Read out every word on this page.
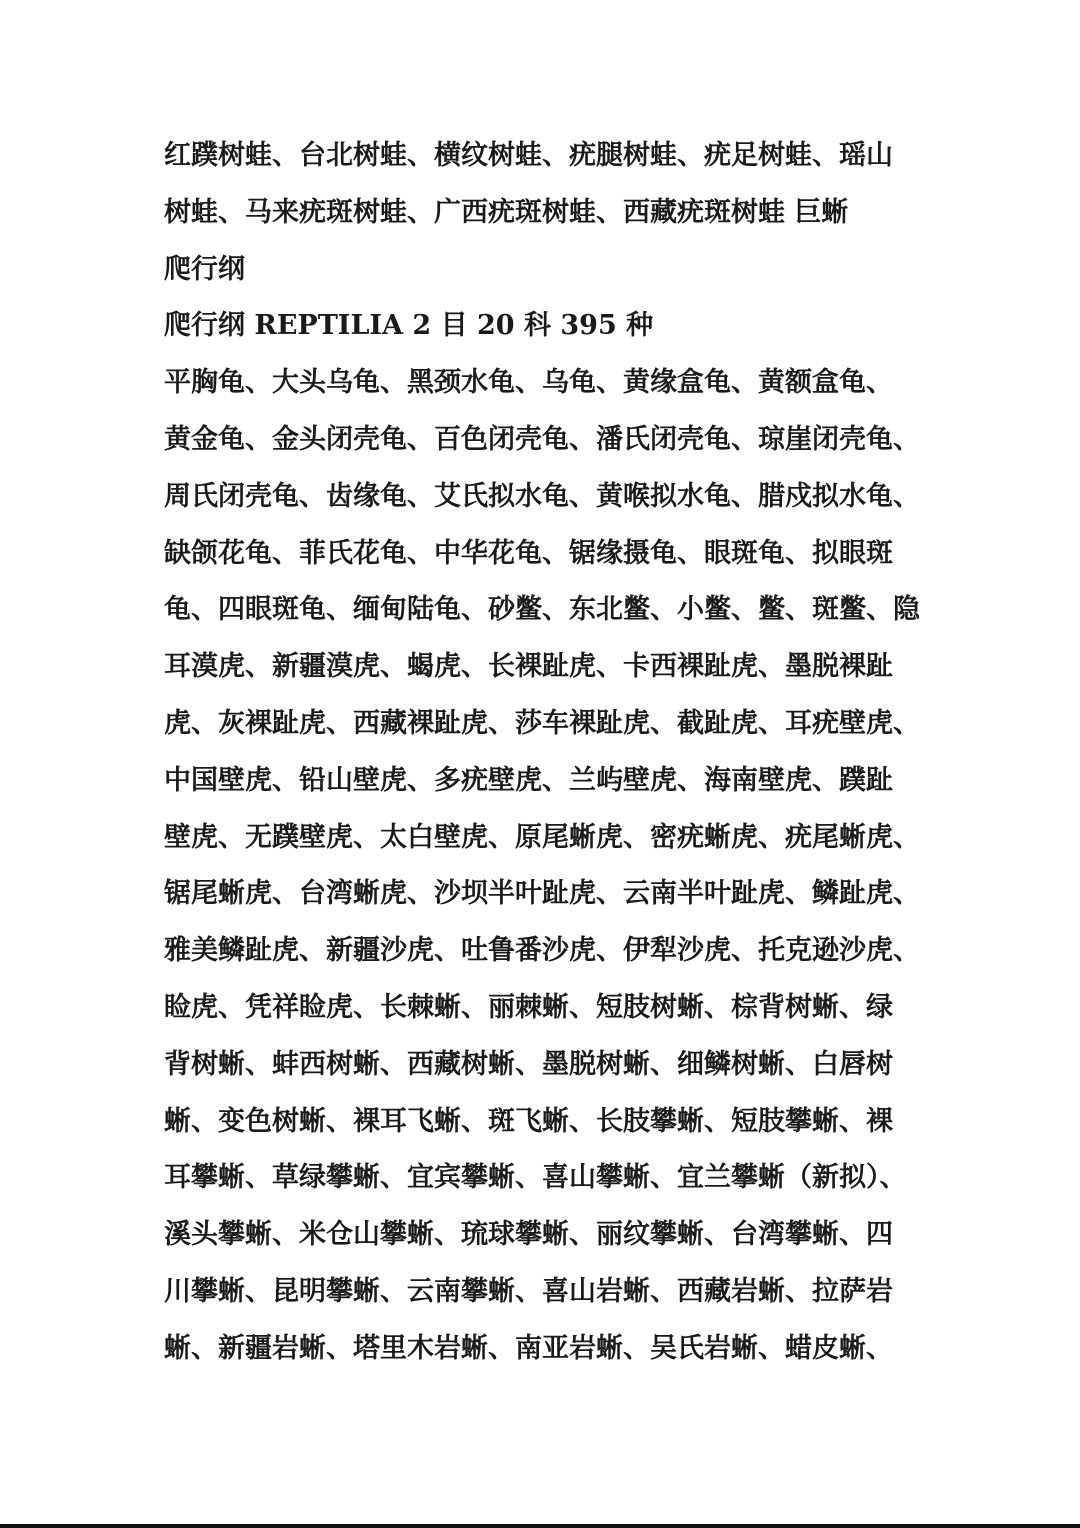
红蹼树蛙、台北树蛙、横纹树蛙、疣腿树蛙、疣足树蛙、瑶山
树蛙、马来疣斑树蛙、广西疣斑树蛙、西藏疣斑树蛙 巨蜥
爬行纲
爬行纲 REPTILIA 2 目 20 科 395 种
平胸龟、大头乌龟、黑颈水龟、乌龟、黄缘盒龟、黄额盒龟、
黄金龟、金头闭壳龟、百色闭壳龟、潘氏闭壳龟、琼崖闭壳龟、
周氏闭壳龟、齿缘龟、艾氏拟水龟、黄喉拟水龟、腊戍拟水龟、
缺颌花龟、菲氏花龟、中华花龟、锯缘摄龟、眼斑龟、拟眼斑
龟、四眼斑龟、缅甸陆龟、砂鳖、东北鳖、小鳖、鳖、斑鳖、隐
耳漠虎、新疆漠虎、蝎虎、长裸趾虎、卡西裸趾虎、墨脱裸趾
虎、灰裸趾虎、西藏裸趾虎、莎车裸趾虎、截趾虎、耳疣壁虎、
中国壁虎、铅山壁虎、多疣壁虎、兰屿壁虎、海南壁虎、蹼趾
壁虎、无蹼壁虎、太白壁虎、原尾蜥虎、密疣蜥虎、疣尾蜥虎、
锯尾蜥虎、台湾蜥虎、沙坝半叶趾虎、云南半叶趾虎、鳞趾虎、
雅美鳞趾虎、新疆沙虎、吐鲁番沙虎、伊犁沙虎、托克逊沙虎、
睑虎、凭祥睑虎、长棘蜥、丽棘蜥、短肢树蜥、棕背树蜥、绿
背树蜥、蚌西树蜥、西藏树蜥、墨脱树蜥、细鳞树蜥、白唇树
蜥、变色树蜥、裸耳飞蜥、斑飞蜥、长肢攀蜥、短肢攀蜥、裸
耳攀蜥、草绿攀蜥、宜宾攀蜥、喜山攀蜥、宜兰攀蜥（新拟）、
溪头攀蜥、米仓山攀蜥、琉球攀蜥、丽纹攀蜥、台湾攀蜥、四
川攀蜥、昆明攀蜥、云南攀蜥、喜山岩蜥、西藏岩蜥、拉萨岩
蜥、新疆岩蜥、塔里木岩蜥、南亚岩蜥、吴氏岩蜥、蜡皮蜥、
